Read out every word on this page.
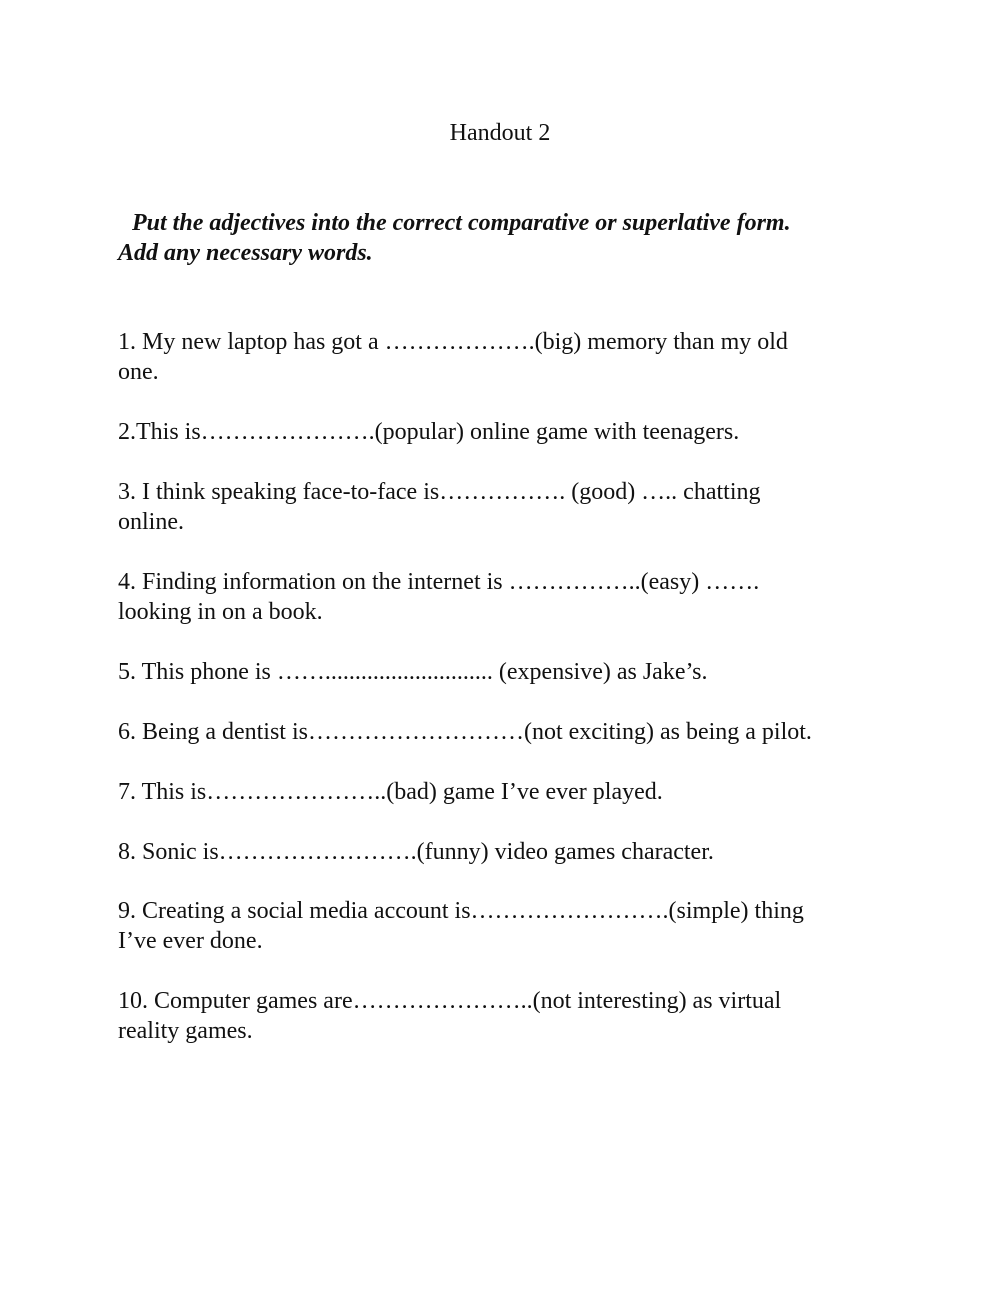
Handout 2
Put the adjectives into the correct comparative or superlative form.
Add any necessary words.
1. My new laptop has got a ……………….(big) memory than my old
one.
2.This is………………….(popular) online game with teenagers.
3. I think speaking face-to-face is……………. (good) ….. chatting
online.
4. Finding information on the internet is ……………..(easy) …….
looking in on a book.
5. This phone is ……............................ (expensive) as Jake’s.
6. Being a dentist is………………………(not exciting) as being a pilot.
7. This is…………………..(bad) game I’ve ever played.
8. Sonic is…………………….(funny) video games character.
9. Creating a social media account is…………………….(simple) thing
I’ve ever done.
10. Computer games are…………………..(not interesting) as virtual
reality games.
